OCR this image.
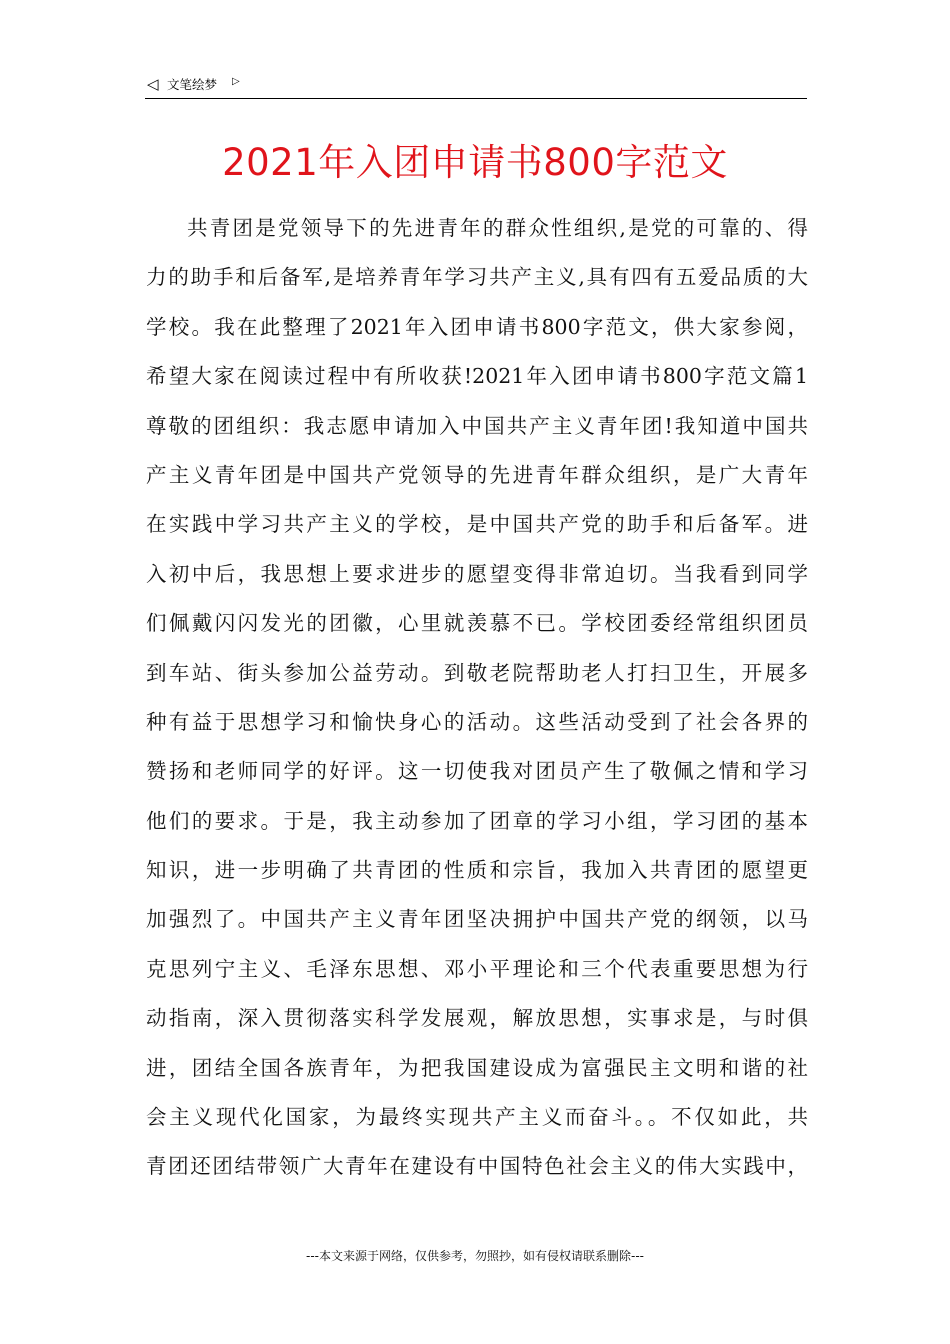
◁ 文笔绘梦 ▷
2021年入团申请书800字范文
共青团是党领导下的先进青年的群众性组织,是党的可靠的、得
力的助手和后备军,是培养青年学习共产主义,具有四有五爱品质的大
学校。我在此整理了2021年入团申请书800字范文，供大家参阅，
希望大家在阅读过程中有所收获!2021年入团申请书800字范文篇1
尊敬的团组织：我志愿申请加入中国共产主义青年团!我知道中国共
产主义青年团是中国共产党领导的先进青年群众组织，是广大青年
在实践中学习共产主义的学校，是中国共产党的助手和后备军。进
入初中后，我思想上要求进步的愿望变得非常迫切。当我看到同学
们佩戴闪闪发光的团徽，心里就羡慕不已。学校团委经常组织团员
到车站、街头参加公益劳动。到敬老院帮助老人打扫卫生，开展多
种有益于思想学习和愉快身心的活动。这些活动受到了社会各界的
赞扬和老师同学的好评。这一切使我对团员产生了敬佩之情和学习
他们的要求。于是，我主动参加了团章的学习小组，学习团的基本
知识，进一步明确了共青团的性质和宗旨，我加入共青团的愿望更
加强烈了。中国共产主义青年团坚决拥护中国共产党的纲领，以马
克思列宁主义、毛泽东思想、邓小平理论和三个代表重要思想为行
动指南，深入贯彻落实科学发展观，解放思想，实事求是，与时俱
进，团结全国各族青年，为把我国建设成为富强民主文明和谐的社
会主义现代化国家，为最终实现共产主义而奋斗。。不仅如此，共
青团还团结带领广大青年在建设有中国特色社会主义的伟大实践中，
---本文来源于网络，仅供参考，勿照抄，如有侵权请联系删除---
